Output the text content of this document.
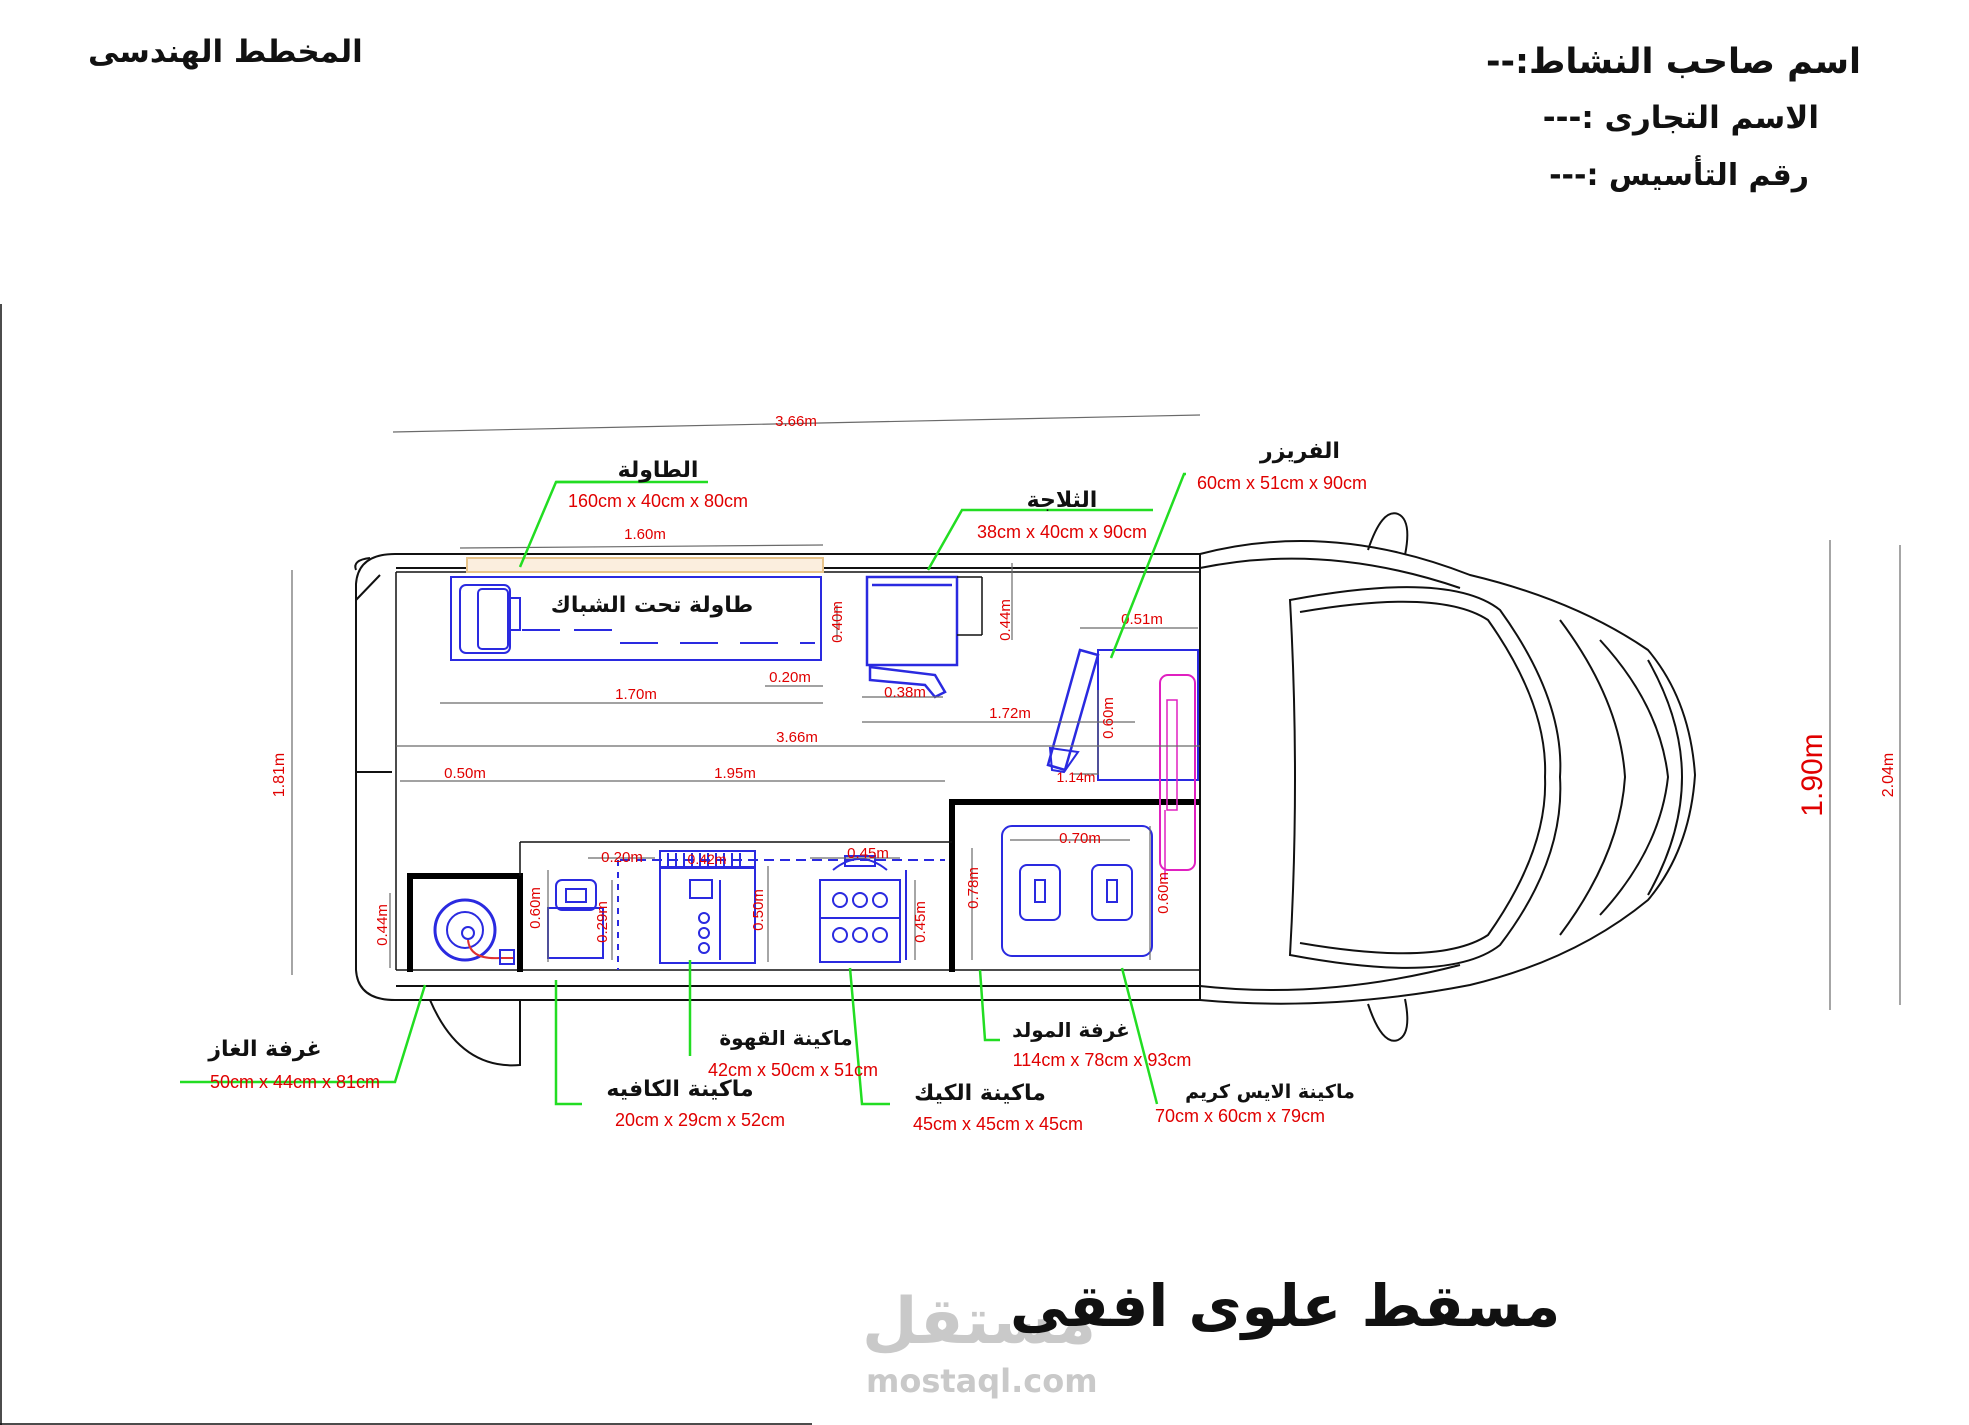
المخطط الهندسى	اسم صاحب النشاط:--
الاسم التجارى :---
رقم التأسيس :---
مستقل
mostaql.com
مسقط علوى افقى
طاولة تحت الشباك
3.66m
1.60m
0.40m
0.20m
0.38m
0.44m
1.70m
1.72m
3.66m
0.51m
0.60m
1.14m
0.50m	1.95m
0.44m	0.60m
0.20m
0.29m
0.42m
0.50m
0.45m
0.45m
0.78m
0.70m
0.60m
1.81m	1.90m	2.04m
الطاولة
160cm x 40cm x 80cm	الثلاجة
38cm x 40cm x 90cm
الفريزر
60cm x 51cm x 90cm
غرفة الغاز
50cm x 44cm x 81cm	ماكينة الكافيه
20cm x 29cm x 52cm
ماكينة القهوة
42cm x 50cm x 51cm
ماكينة الكيك
45cm x 45cm x 45cm
غرفة المولد
114cm x 78cm x 93cm
ماكينة الايس كريم
70cm x 60cm x 79cm
